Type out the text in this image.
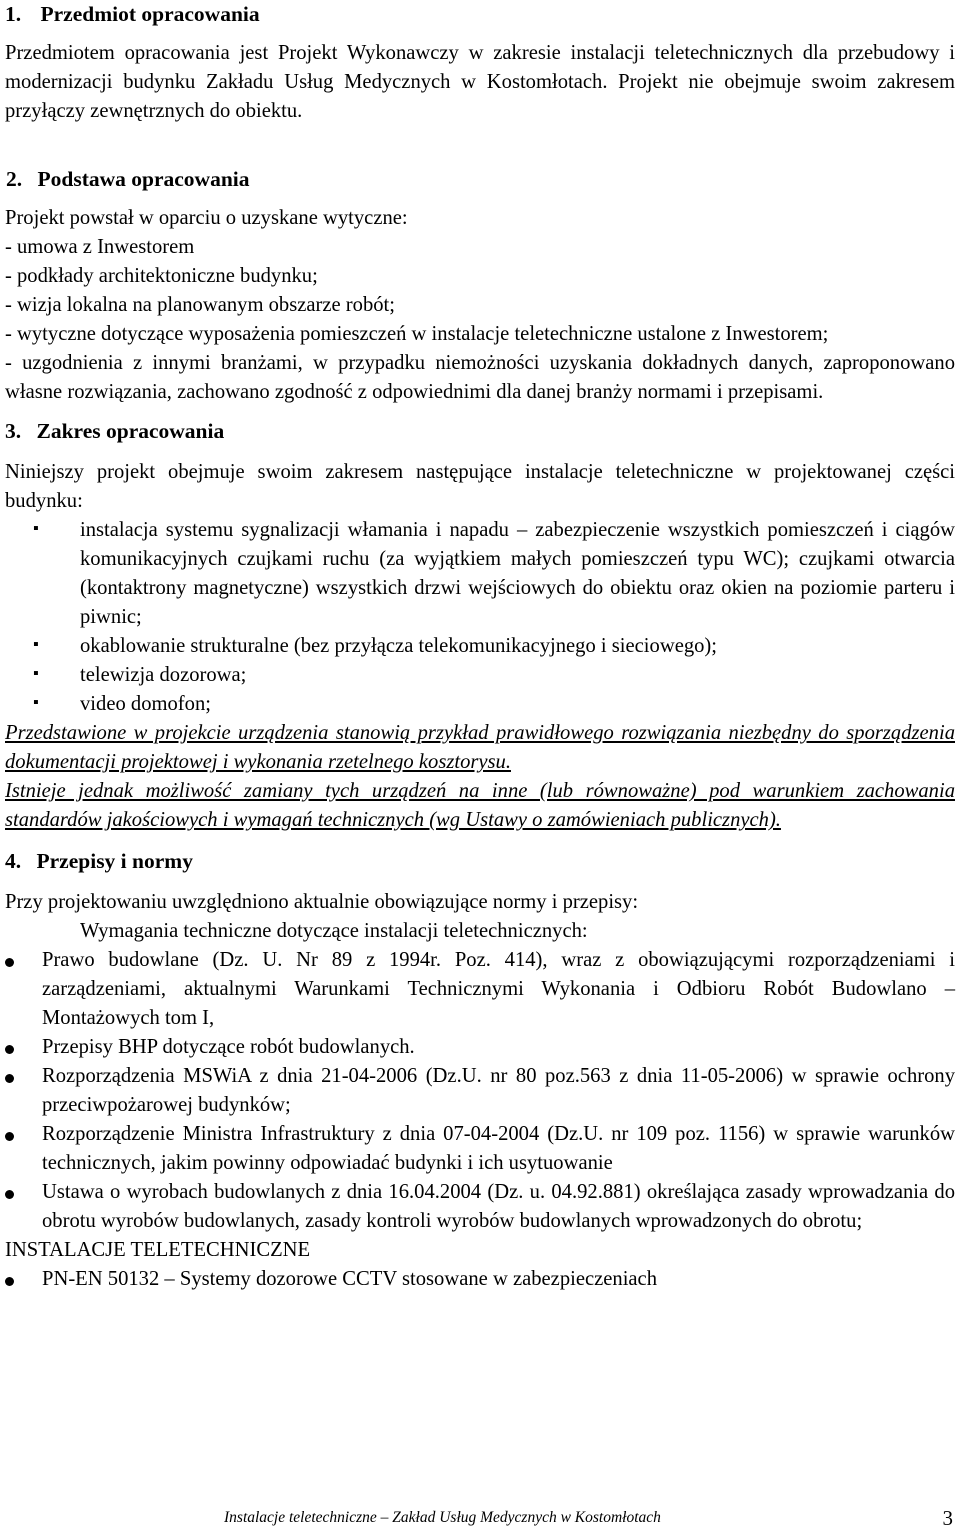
1. Przedmiot opracowania

Przedmiotem opracowania jest Projekt Wykonawczy w zakresie instalacji teletechnicznych dla przebudowy i modernizacji budynku Zakładu Usług Medycznych w Kostomłotach. Projekt nie obejmuje swoim zakresem przyłączy zewnętrznych do obiektu.

2. Podstawa opracowania

Projekt powstał w oparciu o uzyskane wytyczne:

- umowa z Inwestorem

- podkłady architektoniczne budynku;

- wizja lokalna na planowanym obszarze robót;

- wytyczne dotyczące wyposażenia pomieszczeń w instalacje teletechniczne ustalone z Inwestorem;

- uzgodnienia z innymi branżami, w przypadku niemożności uzyskania dokładnych danych, zaproponowano własne rozwiązania, zachowano zgodność z odpowiednimi dla danej branży normami i przepisami.

3. Zakres opracowania

Niniejszy projekt obejmuje swoim zakresem następujące instalacje teletechniczne w projektowanej części budynku:

▪ instalacja systemu sygnalizacji włamania i napadu – zabezpieczenie wszystkich pomieszczeń i ciągów komunikacyjnych czujkami ruchu (za wyjątkiem małych pomieszczeń typu WC); czujkami otwarcia (kontaktrony magnetyczne) wszystkich drzwi wejściowych do obiektu oraz okien na poziomie parteru i piwnic;
▪ okablowanie strukturalne (bez przyłącza telekomunikacyjnego i sieciowego);
▪ telewizja dozorowa;
▪ video domofon;

Przedstawione w projekcie urządzenia stanowią przykład prawidłowego rozwiązania niezbędny do sporządzenia dokumentacji projektowej i wykonania rzetelnego kosztorysu.

Istnieje jednak możliwość zamiany tych urządzeń na inne (lub równoważne) pod warunkiem zachowania standardów jakościowych i wymagań technicznych (wg Ustawy o zamówieniach publicznych).

4. Przepisy i normy

Przy projektowaniu uwzględniono aktualnie obowiązujące normy i przepisy:

Wymagania techniczne dotyczące instalacji teletechnicznych:

Prawo budowlane (Dz. U. Nr 89 z 1994r. Poz. 414), wraz z obowiązującymi rozporządzeniami i zarządzeniami, aktualnymi Warunkami Technicznymi Wykonania i Odbioru Robót Budowlano – Montażowych tom I,
Przepisy BHP dotyczące robót budowlanych.
Rozporządzenia MSWiA z dnia 21-04-2006 (Dz.U. nr 80 poz.563 z dnia 11-05-2006) w sprawie ochrony przeciwpożarowej budynków;
Rozporządzenie Ministra Infrastruktury z dnia 07-04-2004 (Dz.U. nr 109 poz. 1156) w sprawie warunków technicznych, jakim powinny odpowiadać budynki i ich usytuowanie
Ustawa o wyrobach budowlanych z dnia 16.04.2004 (Dz. u. 04.92.881) określająca zasady wprowadzania do obrotu wyrobów budowlanych, zasady kontroli wyrobów budowlanych wprowadzonych do obrotu;

INSTALACJE TELETECHNICZNE

PN-EN 50132 – Systemy dozorowe CCTV stosowane w zabezpieczeniach
Instalacje teletechniczne – Zakład Usług Medycznych w Kostomłotach	3
